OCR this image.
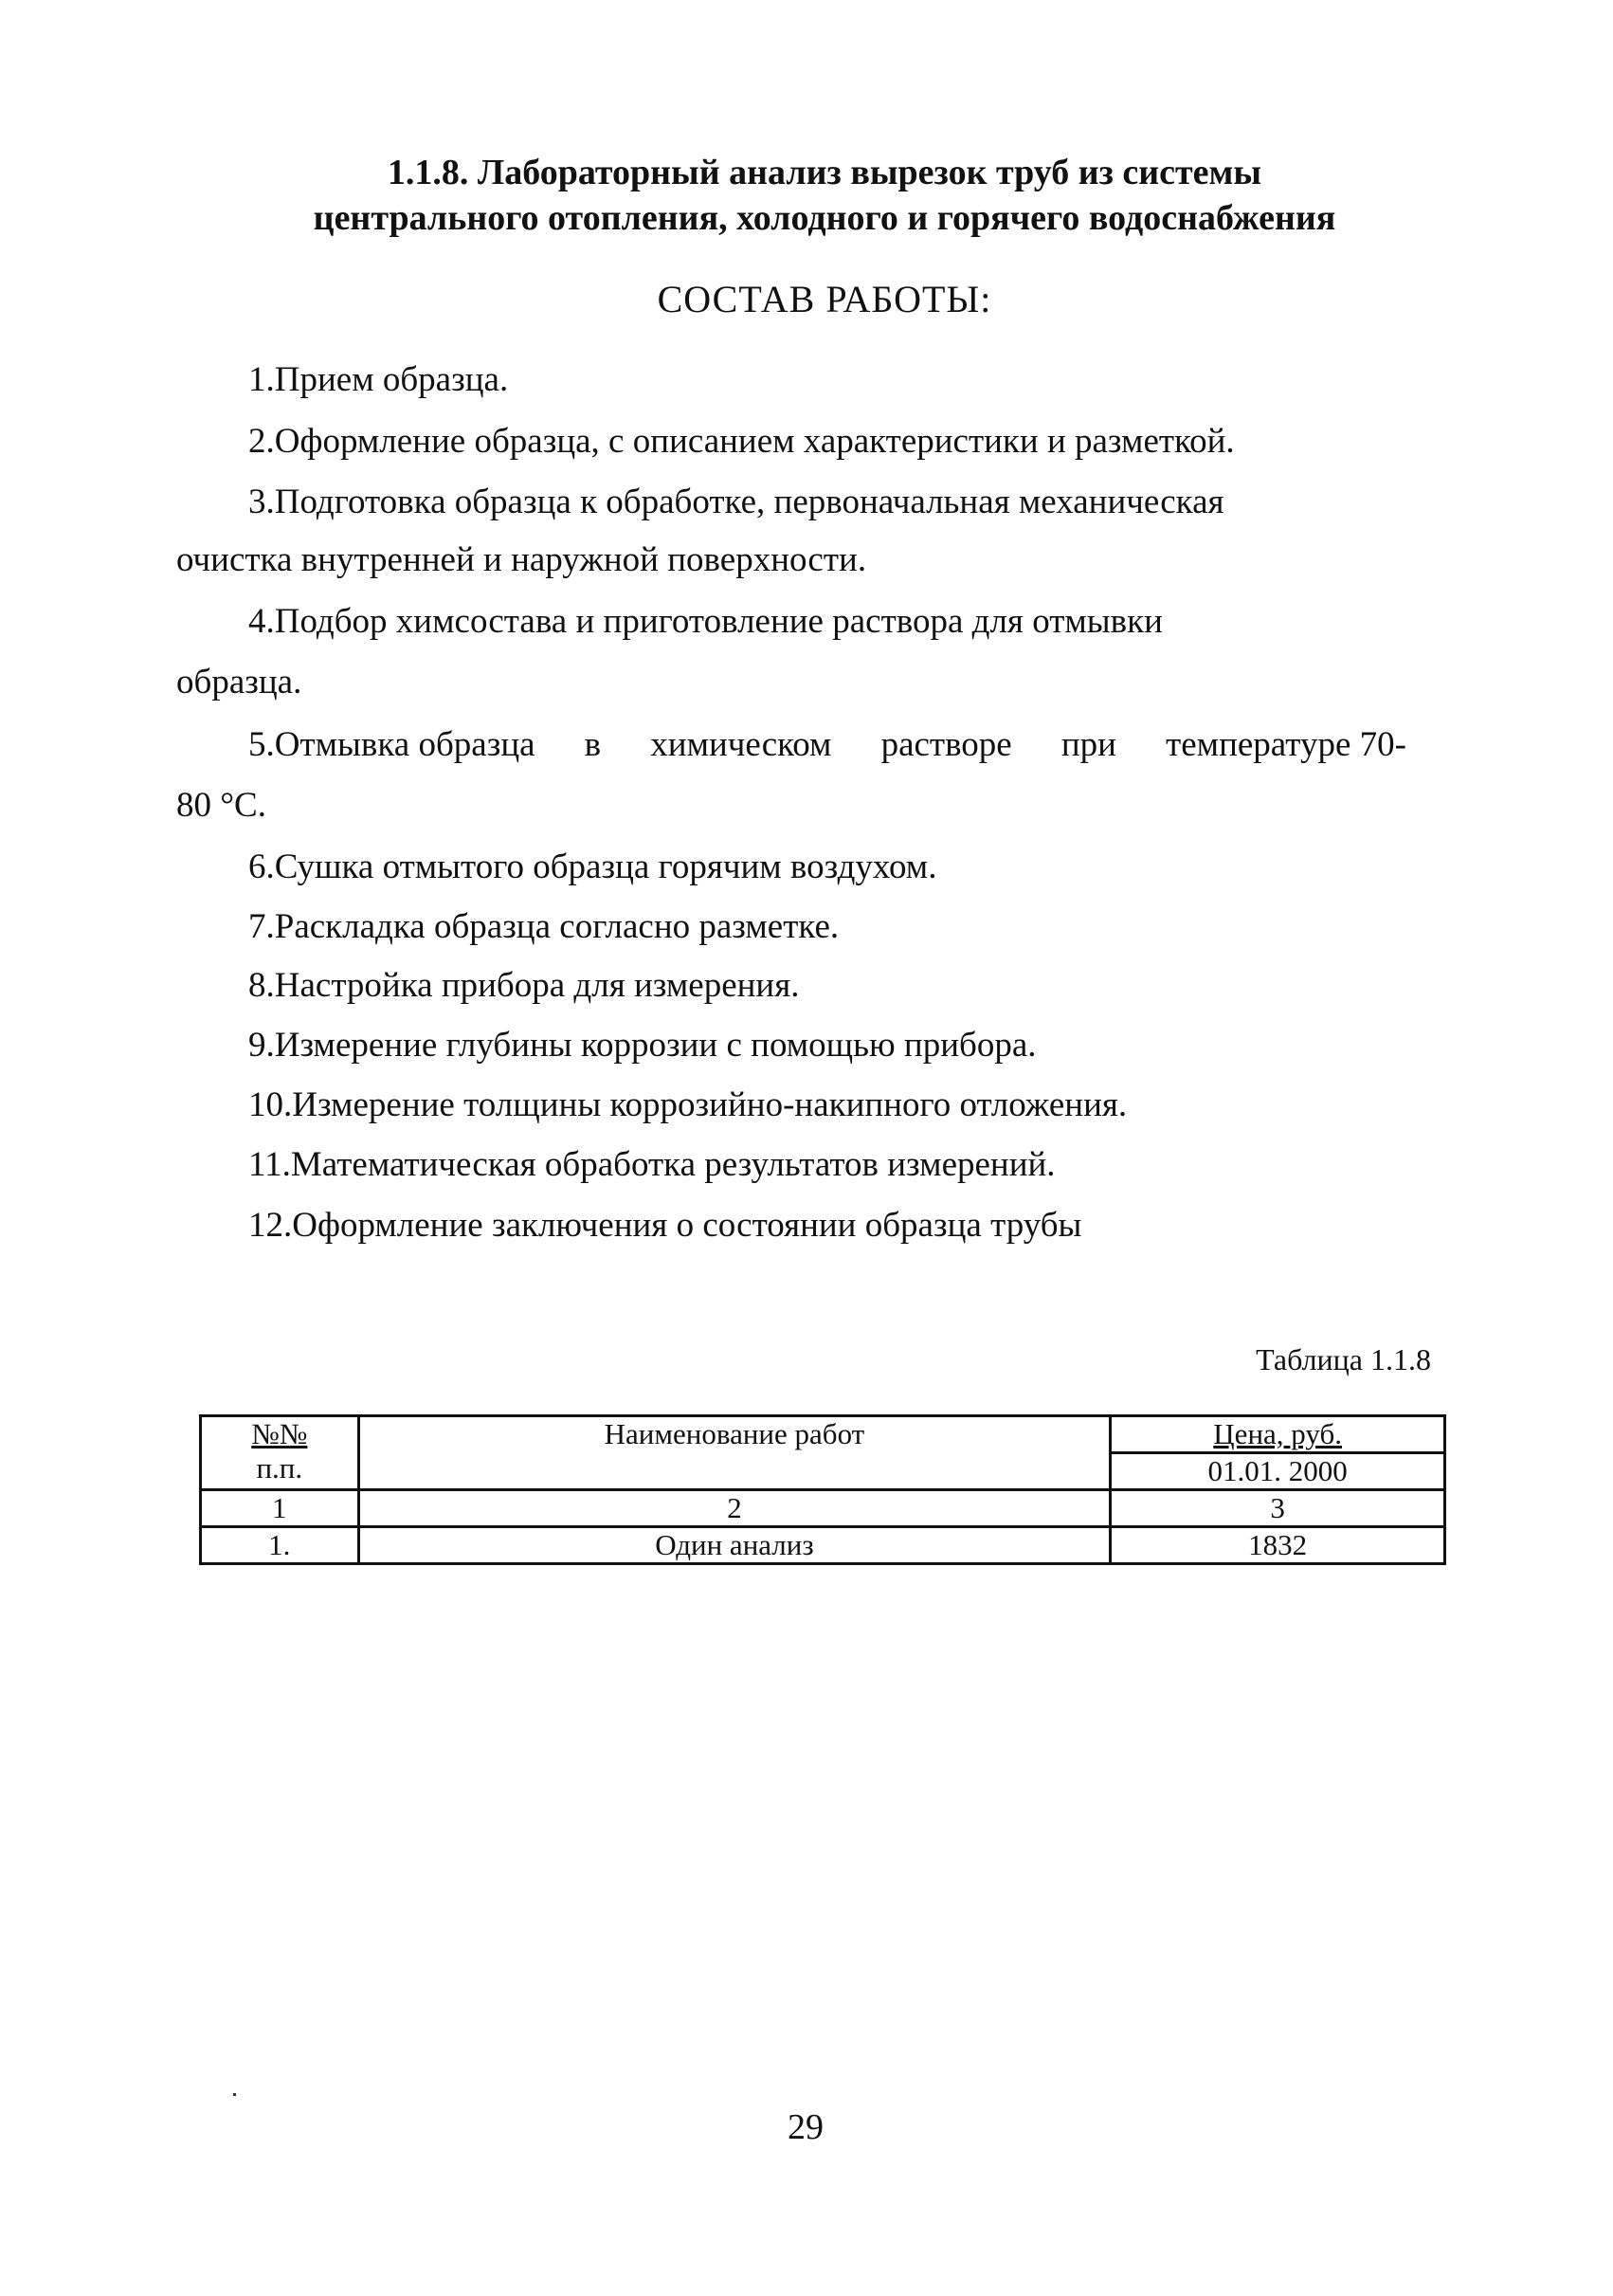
1.1.8. Лабораторный анализ вырезок труб из системы
центрального отопления, холодного и горячего водоснабжения
СОСТАВ РАБОТЫ:
1.Прием образца.
2.Оформление образца, с описанием характеристики и разметкой.
3.Подготовка образца к обработке, первоначальная механическая
очистка внутренней и наружной поверхности.
4.Подбор химсостава и приготовление раствора для отмывки
образца.
5.Отмывка образца в химическом растворе при температуре 70-
80 °С.
6.Сушка отмытого образца горячим воздухом.
7.Раскладка образца согласно разметке.
8.Настройка прибора для измерения.
9.Измерение глубины коррозии с помощью прибора.
10.Измерение толщины коррозийно-накипного отложения.
11.Математическая обработка результатов измерений.
12.Оформление заключения о состоянии образца трубы
Таблица 1.1.8
№№
п.п.	Наименование работ	Цена, руб.
		01.01. 2000
1	2	3
1.	Один анализ	1832
29
